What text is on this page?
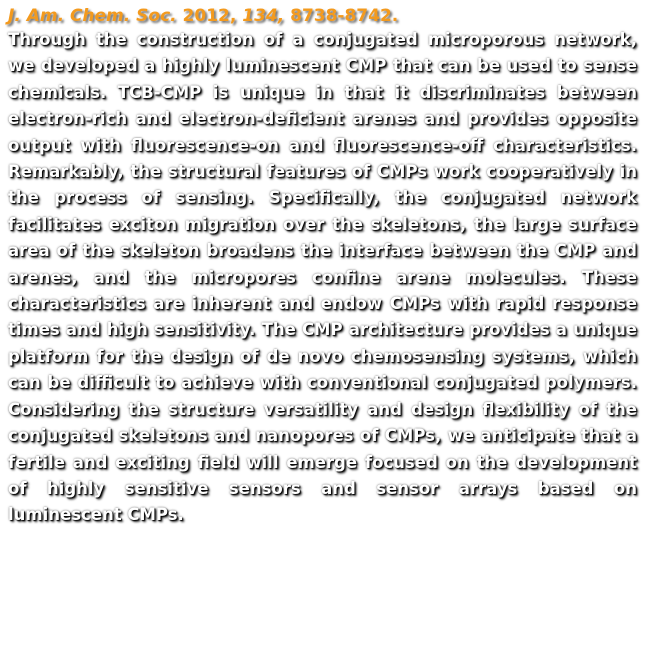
J. Am. Chem. Soc. 2012, 134, 8738-8742.

Through the construction of a conjugated microporous network, we developed a highly luminescent CMP that can be used to sense chemicals. TCB-CMP is unique in that it discriminates between electron-rich and electron-deficient arenes and provides opposite output with fluorescence-on and fluorescence-off characteristics. Remarkably, the structural features of CMPs work cooperatively in the process of sensing. Specifically, the conjugated network facilitates exciton migration over the skeletons, the large surface area of the skeleton broadens the interface between the CMP and arenes, and the micropores confine arene molecules. These characteristics are inherent and endow CMPs with rapid response times and high sensitivity. The CMP architecture provides a unique platform for the design of de novo chemosensing systems, which can be difficult to achieve with conventional conjugated polymers. Considering the structure versatility and design flexibility of the conjugated skeletons and nanopores of CMPs, we anticipate that a fertile and exciting field will emerge focused on the development of highly sensitive sensors and sensor arrays based on luminescent CMPs.
